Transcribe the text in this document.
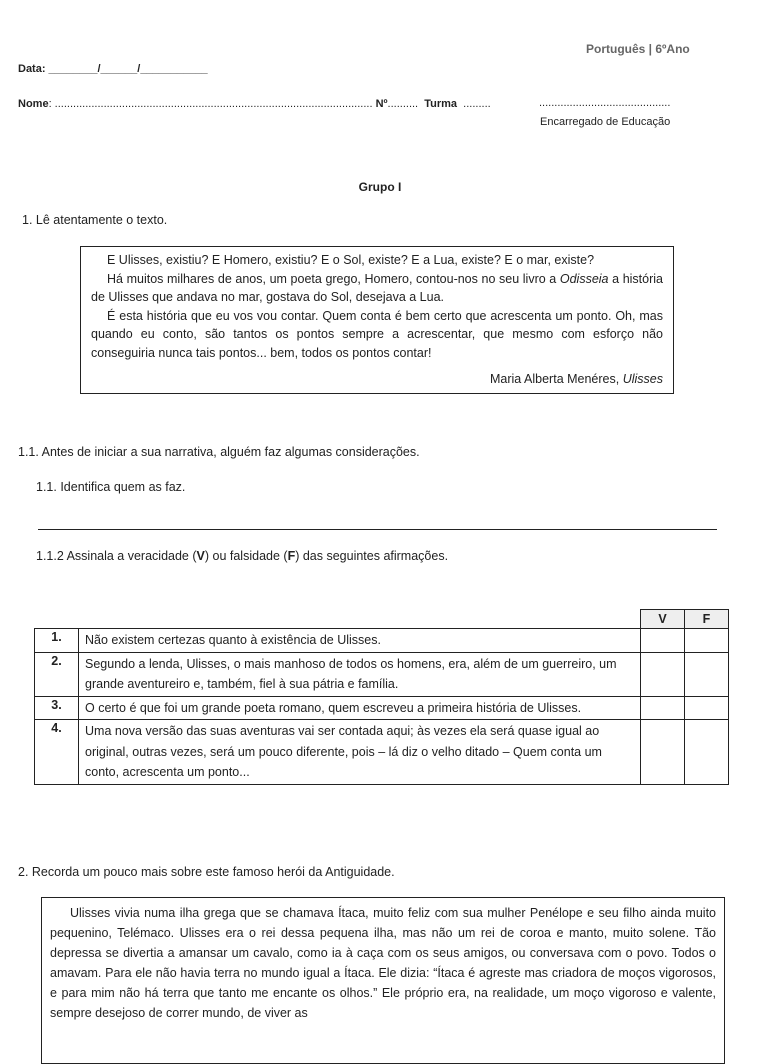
Português | 6ºAno
Data: ________/______/___________
Nome: ........................................................................................................ Nº.......... Turma .........	...........................................
Encarregado de Educação
Grupo I
1. Lê atentamente o texto.

E Ulisses, existiu? E Homero, existiu? E o Sol, existe? E a Lua, existe? E o mar, existe?

Há muitos milhares de anos, um poeta grego, Homero, contou-nos no seu livro a Odisseia a história de Ulisses que andava no mar, gostava do Sol, desejava a Lua.

É esta história que eu vos vou contar. Quem conta é bem certo que acrescenta um ponto. Oh, mas quando eu conto, são tantos os pontos sempre a acrescentar, que mesmo com esforço não conseguiria nunca tais pontos... bem, todos os pontos contar!

Maria Alberta Menéres, Ulisses
1.1. Antes de iniciar a sua narrativa, alguém faz algumas considerações.
1.1. Identifica quem as faz.
1.1.2 Assinala a veracidade (V) ou falsidade (F) das seguintes afirmações.
		V	F
1.	Não existem certezas quanto à existência de Ulisses.		
2.	Segundo a lenda, Ulisses, o mais manhoso de todos os homens, era, além de um guerreiro, um grande aventureiro e, também, fiel à sua pátria e família.		
3.	O certo é que foi um grande poeta romano, quem escreveu a primeira história de Ulisses.		
4.	Uma nova versão das suas aventuras vai ser contada aqui; às vezes ela será quase igual ao original, outras vezes, será um pouco diferente, pois – lá diz o velho ditado – Quem conta um conto, acrescenta um ponto...		
2. Recorda um pouco mais sobre este famoso herói da Antiguidade.

Ulisses vivia numa ilha grega que se chamava Ítaca, muito feliz com sua mulher Penélope e seu filho ainda muito pequenino, Telémaco. Ulisses era o rei dessa pequena ilha, mas não um rei de coroa e manto, muito solene. Tão depressa se divertia a amansar um cavalo, como ia à caça com os seus amigos, ou conversava com o povo. Todos o amavam. Para ele não havia terra no mundo igual a Ítaca. Ele dizia: “Ítaca é agreste mas criadora de moços vigorosos, e para mim não há terra que tanto me encante os olhos.” Ele próprio era, na realidade, um moço vigoroso e valente, sempre desejoso de correr mundo, de viver as
